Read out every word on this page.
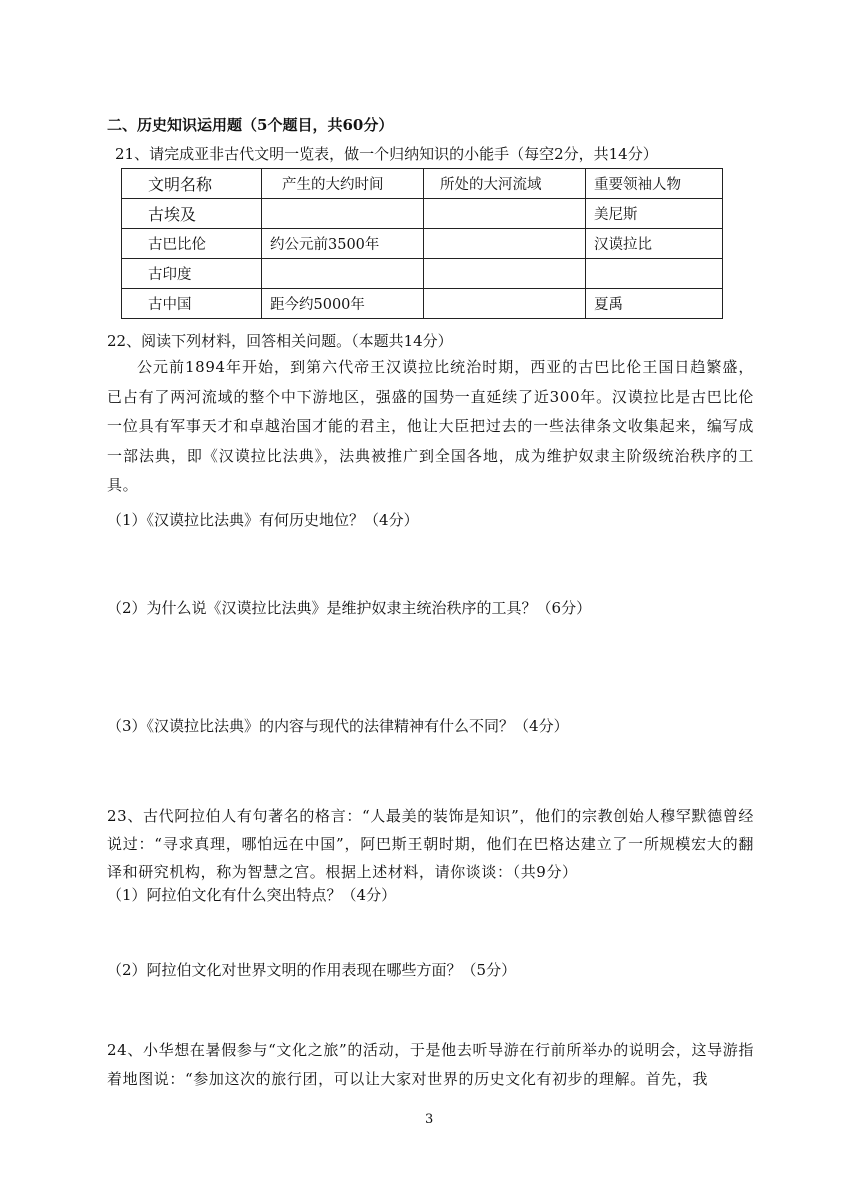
二、历史知识运用题（5个题目，共60分）
21、请完成亚非古代文明一览表，做一个归纳知识的小能手（每空2分，共14分）
文明名称	产生的大约时间	所处的大河流域	重要领袖人物
古埃及			美尼斯
古巴比伦	约公元前3500年		汉谟拉比
古印度			
古中国	距今约5000年		夏禹
22、阅读下列材料，回答相关问题。（本题共14分）
公元前1894年开始，到第六代帝王汉谟拉比统治时期，西亚的古巴比伦王国日趋繁盛，已占有了两河流域的整个中下游地区，强盛的国势一直延续了近300年。汉谟拉比是古巴比伦一位具有军事天才和卓越治国才能的君主，他让大臣把过去的一些法律条文收集起来，编写成一部法典，即《汉谟拉比法典》，法典被推广到全国各地，成为维护奴隶主阶级统治秩序的工具。
（1）《汉谟拉比法典》有何历史地位？（4分）
（2）为什么说《汉谟拉比法典》是维护奴隶主统治秩序的工具？（6分）
（3）《汉谟拉比法典》的内容与现代的法律精神有什么不同？（4分）
23、古代阿拉伯人有句著名的格言：“人最美的装饰是知识”，他们的宗教创始人穆罕默德曾经说过：“寻求真理，哪怕远在中国”，阿巴斯王朝时期，他们在巴格达建立了一所规模宏大的翻译和研究机构，称为智慧之宫。根据上述材料，请你谈谈：（共9分）
（1）阿拉伯文化有什么突出特点？（4分）
（2）阿拉伯文化对世界文明的作用表现在哪些方面？（5分）
24、小华想在暑假参与“文化之旅”的活动，于是他去听导游在行前所举办的说明会，这导游指着地图说：“参加这次的旅行团，可以让大家对世界的历史文化有初步的理解。首先，我
3
